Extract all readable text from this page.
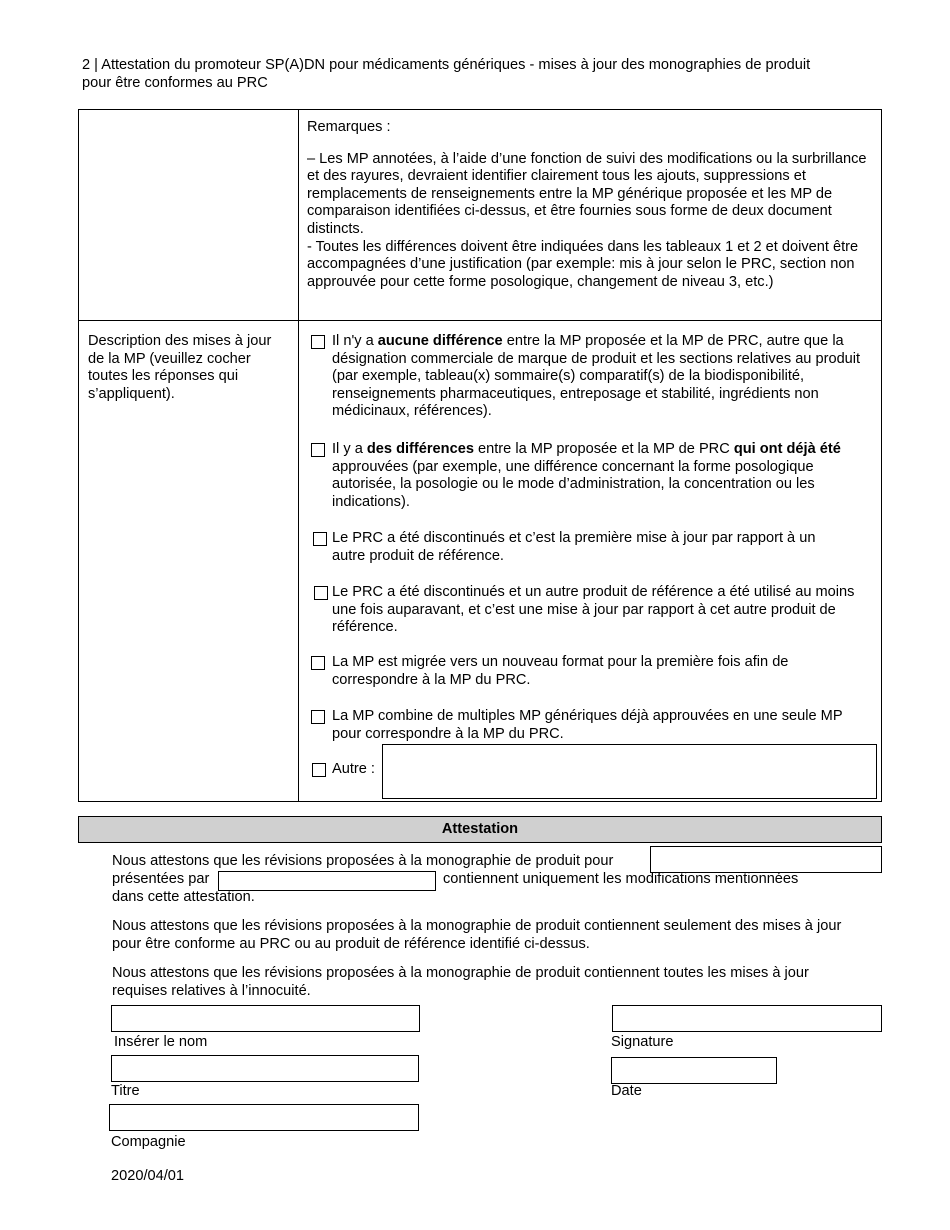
2 | Attestation du promoteur SP(A)DN pour médicaments génériques - mises à jour des monographies de produit
pour être conformes au PRC

Remarques :

– Les MP annotées, à l’aide d’une fonction de suivi des modifications ou la surbrillance et des rayures, devraient identifier clairement tous les ajouts, suppressions et remplacements de renseignements entre la MP générique proposée et les MP de comparaison identifiées ci-dessus, et être fournies sous forme de deux document distincts.

- Toutes les différences doivent être indiquées dans les tableaux 1 et 2 et doivent être accompagnées d’une justification (par exemple: mis à jour selon le PRC, section non approuvée pour cette forme posologique, changement de niveau 3, etc.)

Description des mises à jour de la MP (veuillez cocher toutes les réponses qui s’appliquent).
Il n'y a aucune différence entre la MP proposée et la MP de PRC, autre que la désignation commerciale de marque de produit et les sections relatives au produit (par exemple, tableau(x) sommaire(s) comparatif(s) de la biodisponibilité, renseignements pharmaceutiques, entreposage et stabilité, ingrédients non médicinaux, références).
Il y a des différences entre la MP proposée et la MP de PRC qui ont déjà été approuvées (par exemple, une différence concernant la forme posologique autorisée, la posologie ou le mode d’administration, la concentration ou les indications).
Le PRC a été discontinués et c’est la première mise à jour par rapport à un autre produit de référence.
Le PRC a été discontinués et un autre produit de référence a été utilisé au moins une fois auparavant, et c’est une mise à jour par rapport à cet autre produit de référence.
La MP est migrée vers un nouveau format pour la première fois afin de correspondre à la MP du PRC.
La MP combine de multiples MP génériques déjà approuvées en une seule MP pour correspondre à la MP du PRC.
Autre :
Attestation
Nous attestons que les révisions proposées à la monographie de produit pour
présentées par	contiennent uniquement les modifications mentionnées
dans cette attestation.
Nous attestons que les révisions proposées à la monographie de produit contiennent seulement des mises à jour pour être conforme au PRC ou au produit de référence identifié ci-dessus.
Nous attestons que les révisions proposées à la monographie de produit contiennent toutes les mises à jour requises relatives à l’innocuité.
Insérer le nom
Titre
Compagnie
Signature
Date
2020/04/01
